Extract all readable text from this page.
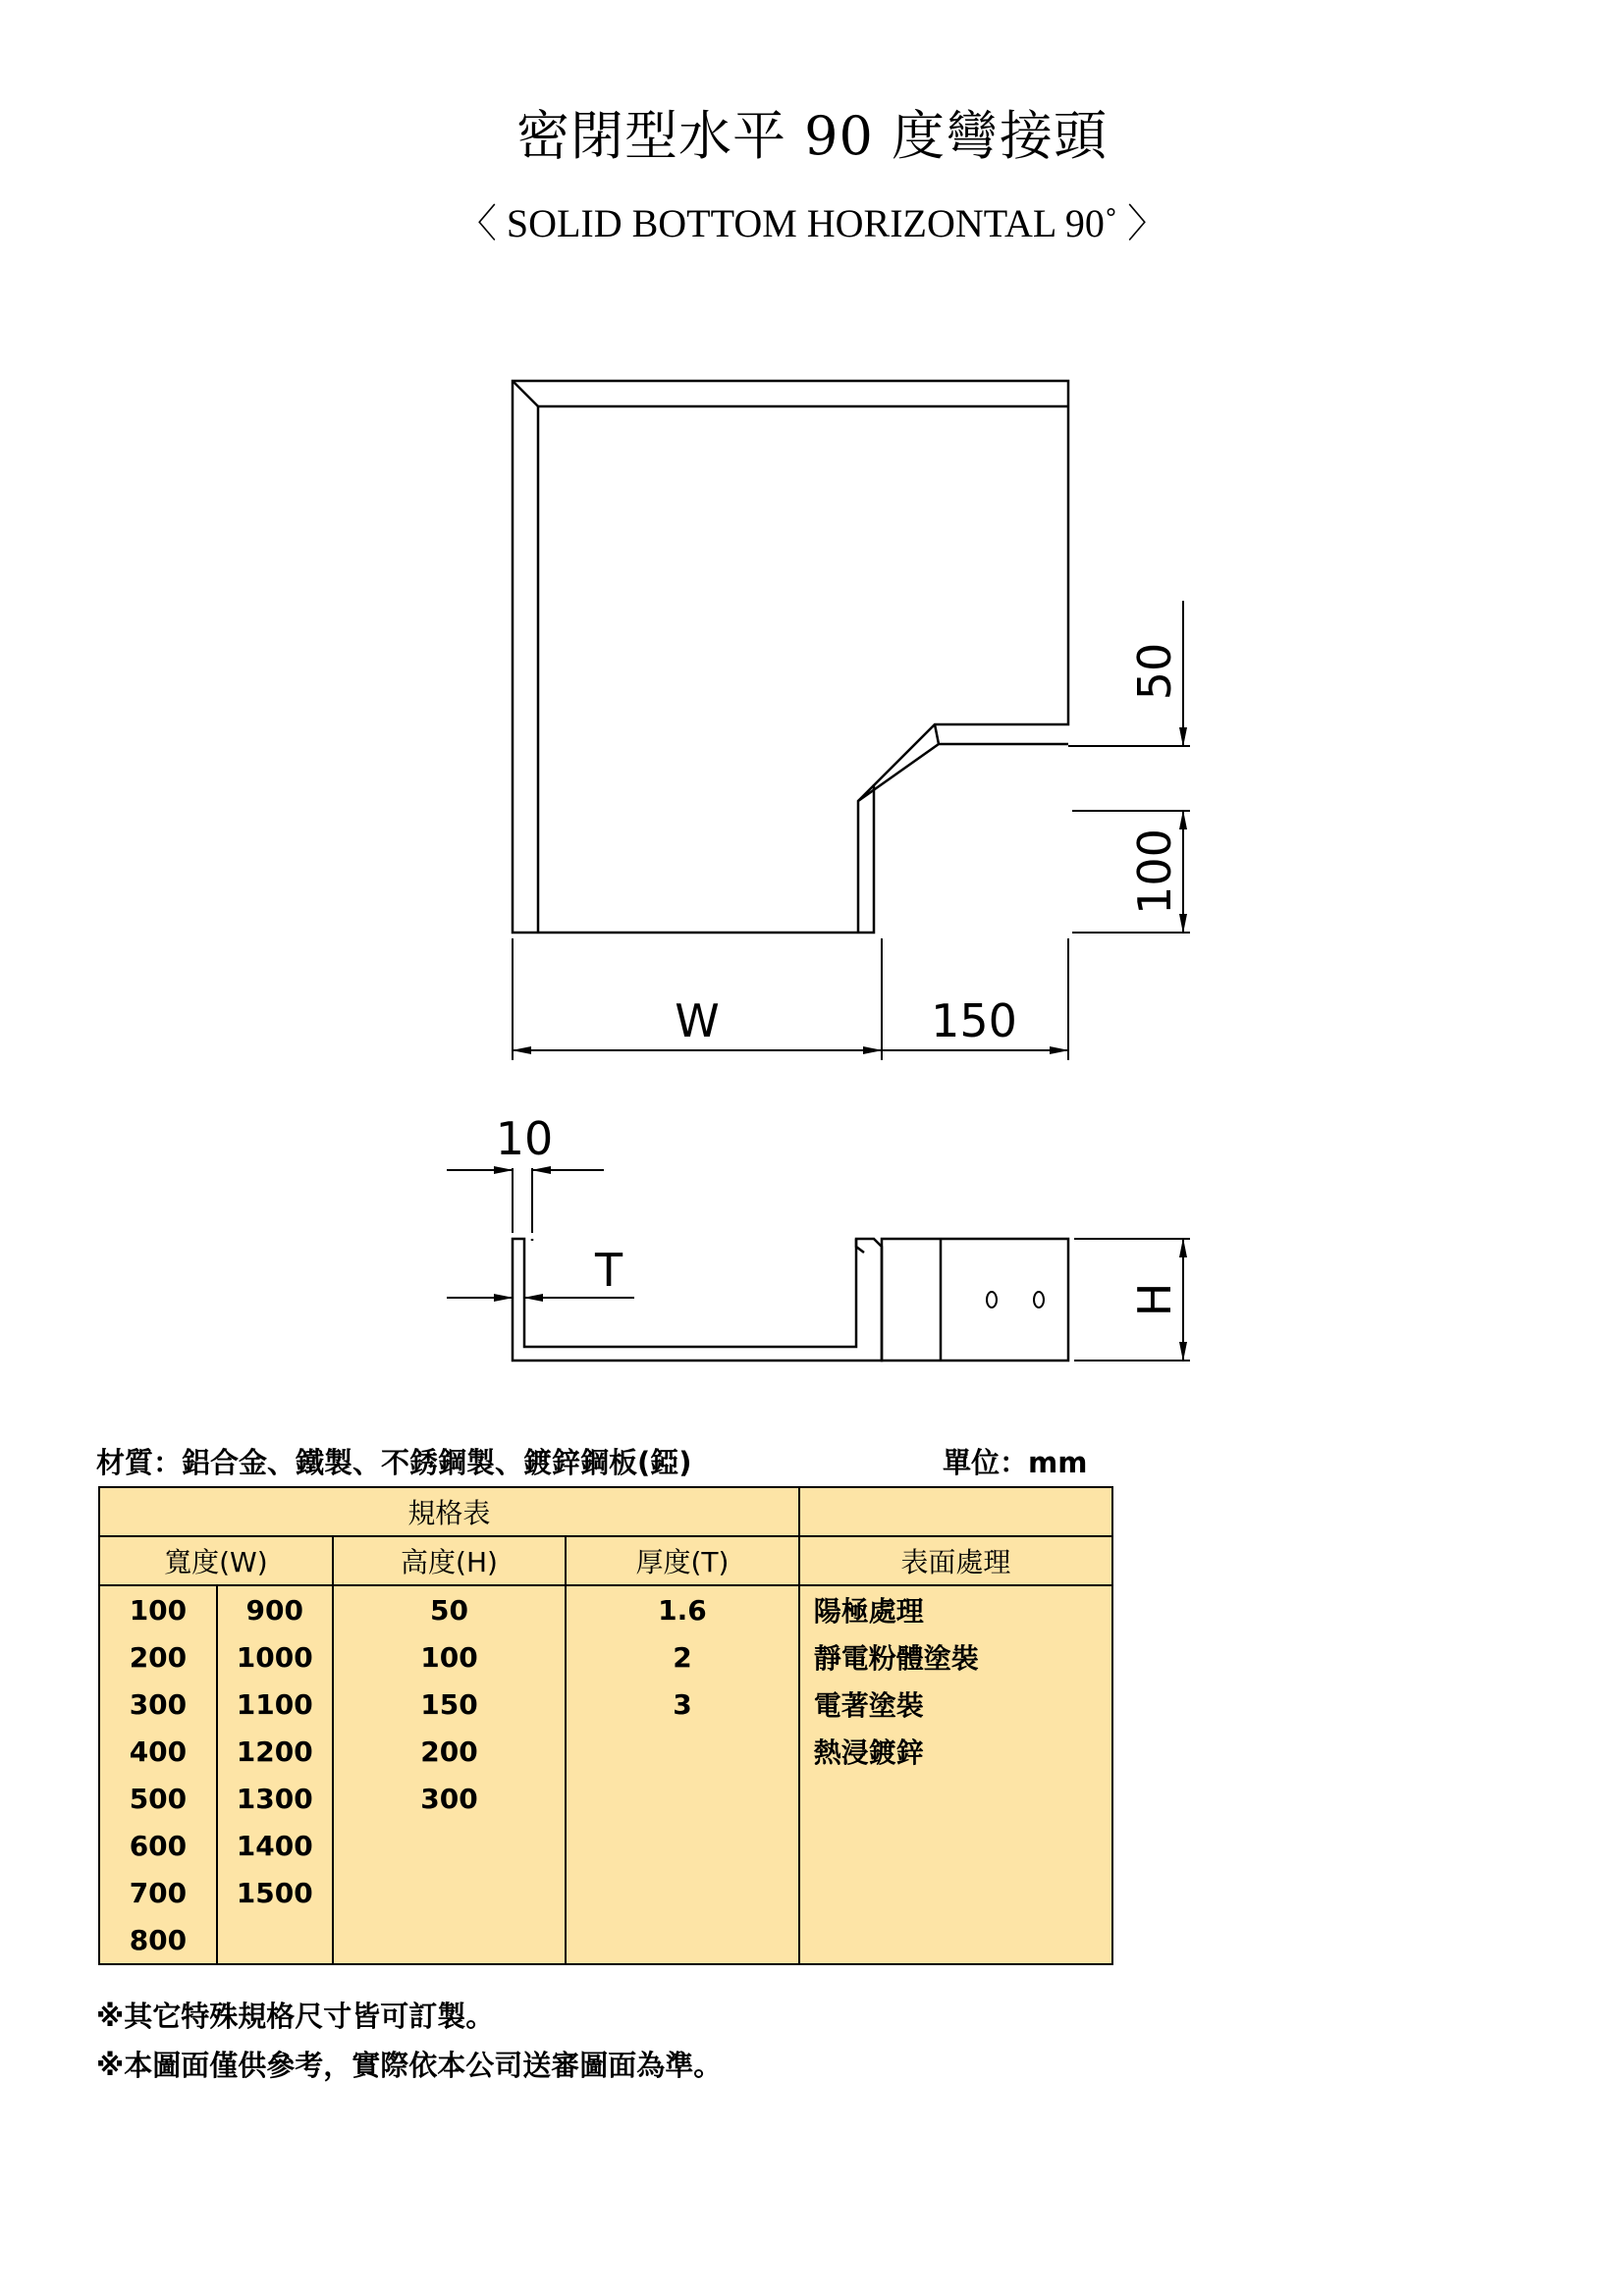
密閉型水平 90 度彎接頭
〈 SOLID BOTTOM HORIZONTAL 90˚ 〉
50
100
W	150
10
T
H
材質：鋁合金、鐵製、不銹鋼製、鍍鋅鋼板(錏)	單位：mm
規格表				
寬度(W)		高度(H)	厚度(T)	表面處理
100	900	50	1.6	陽極處理
200	1000	100	2	靜電粉體塗裝
300	1100	150	3	電著塗裝
400	1200	200		熱浸鍍鋅
500	1300	300		
600	1400			
700	1500			
800				
※其它特殊規格尺寸皆可訂製。
※本圖面僅供參考，實際依本公司送審圖面為準。
